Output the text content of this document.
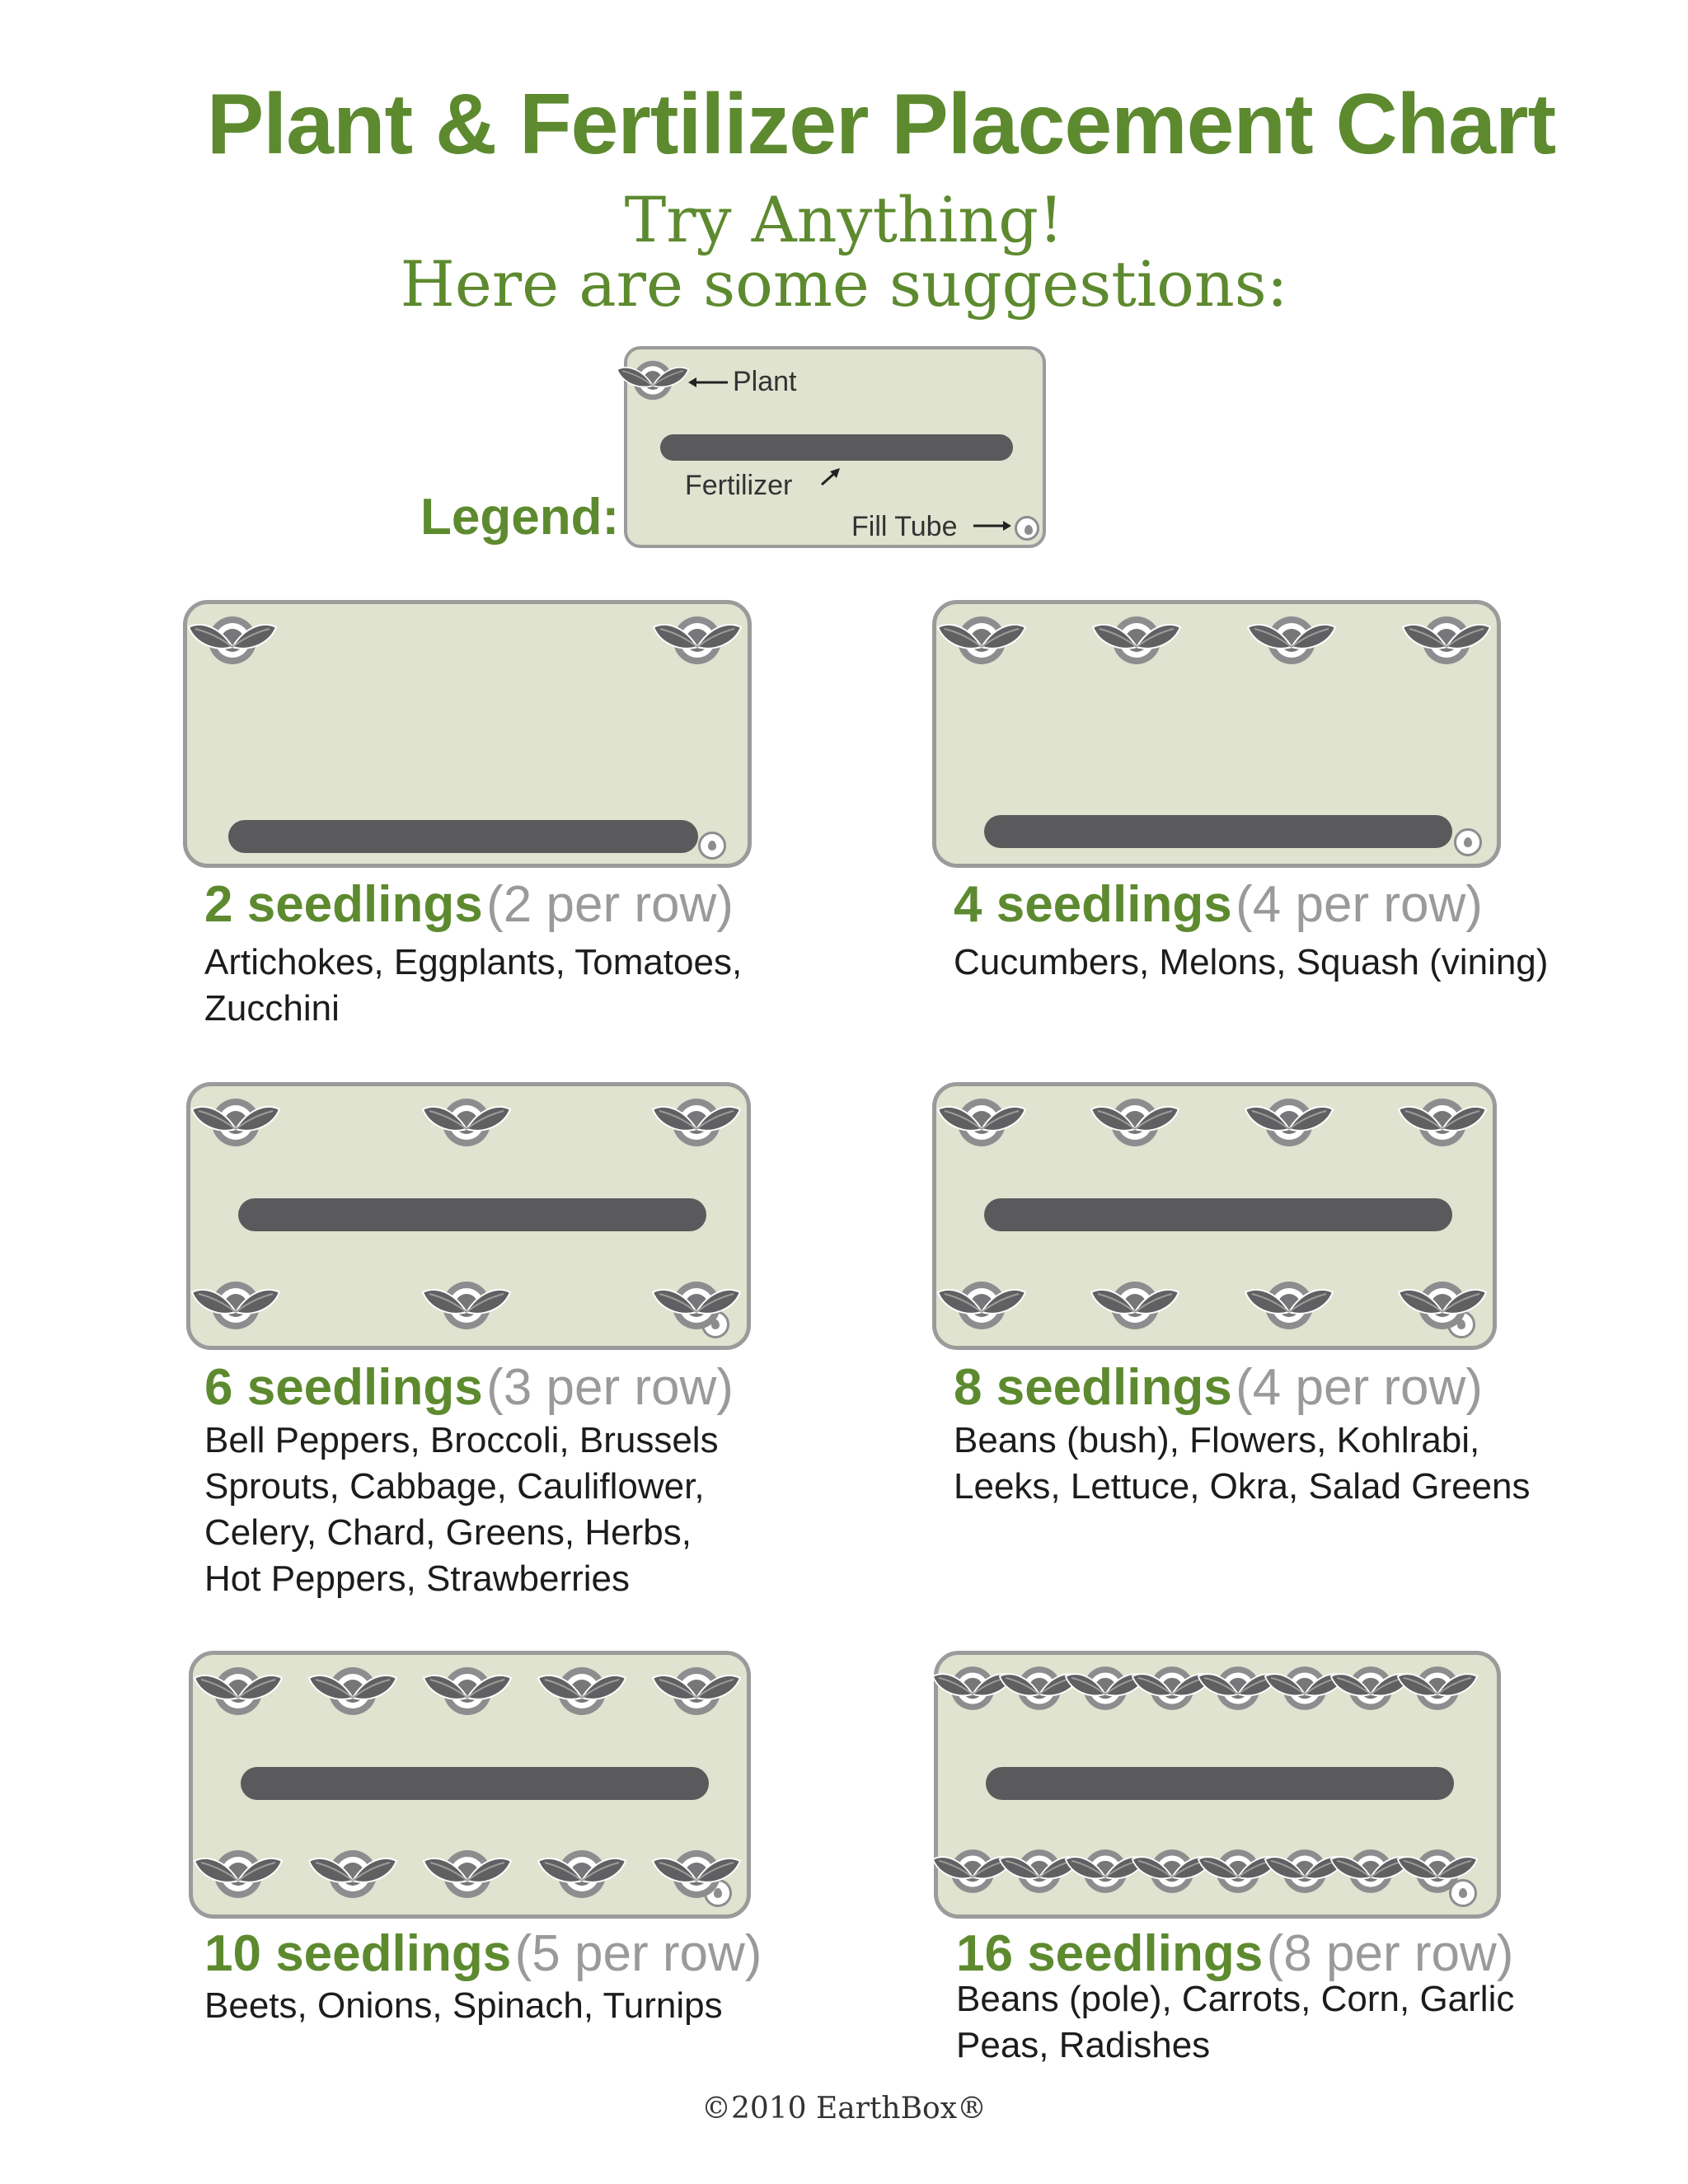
Plant & Fertilizer Placement Chart
Try Anything!
Here are some suggestions:
Legend:
Plant
Fertilizer
Fill Tube
2 seedlings (2 per row)
Artichokes, Eggplants, Tomatoes,
Zucchini
4 seedlings (4 per row)
Cucumbers, Melons, Squash (vining)
6 seedlings (3 per row)
Bell Peppers, Broccoli, Brussels
Sprouts, Cabbage, Cauliflower,
Celery, Chard, Greens, Herbs,
Hot Peppers, Strawberries
8 seedlings (4 per row)
Beans (bush), Flowers, Kohlrabi,
Leeks, Lettuce, Okra, Salad Greens
10 seedlings (5 per row)
Beets, Onions, Spinach, Turnips
16 seedlings (8 per row)
Beans (pole), Carrots, Corn, Garlic
Peas, Radishes
©2010 EarthBox®
